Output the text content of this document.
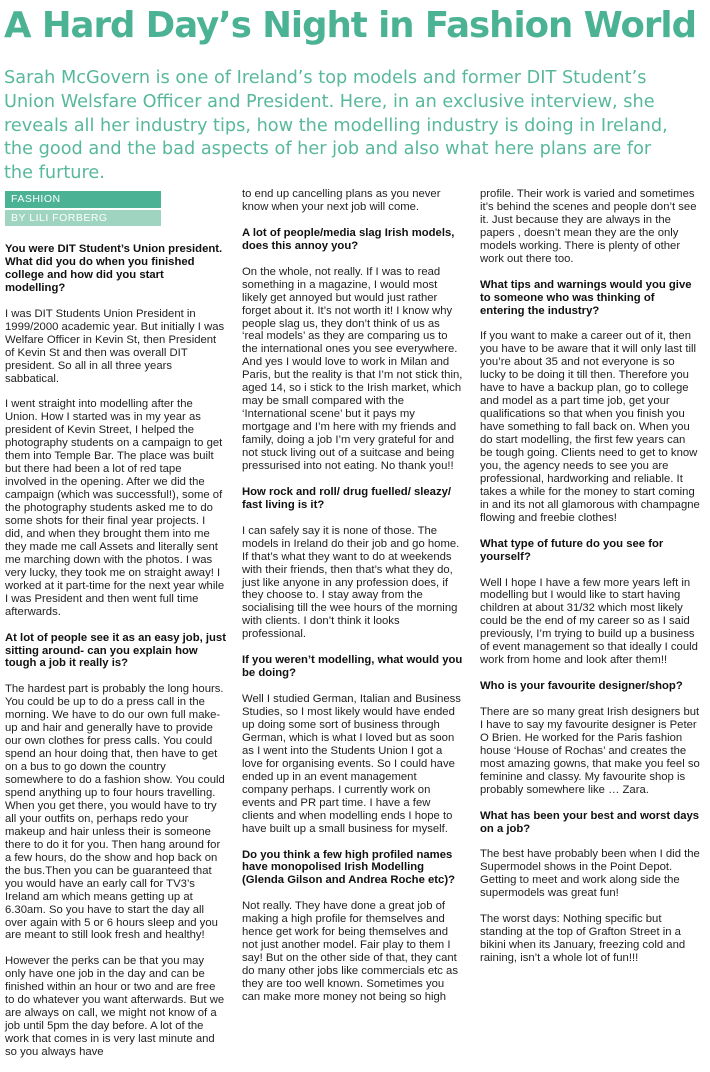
A Hard Day’s Night in Fashion World

Sarah McGovern is one of Ireland’s top models and former DIT Student’s Union Welsfare Officer and President. Here, in an exclusive interview, she reveals all her industry tips, how the modelling industry is doing in Ireland, the good and the bad aspects of her job and also what here plans are for the furture.

FASHION
BY LILI FORBERG

You were DIT Student’s Union president. What did you do when you finished college and how did you start modelling?

I was DIT Students Union President in 1999/2000 academic year. But initially I was Welfare Officer in Kevin St, then President of Kevin St and then was overall DIT president. So all in all three years sabbatical.

I went straight into modelling after the Union. How I started was in my year as president of Kevin Street, I helped the photography students on a campaign to get them into Temple Bar. The place was built but there had been a lot of red tape involved in the opening. After we did the campaign (which was successful!), some of the photography students asked me to do some shots for their final year projects. I did, and when they brought them into me they made me call Assets and literally sent me marching down with the photos. I was very lucky, they took me on straight away! I worked at it part-time for the next year while I was President and then went full time afterwards.

At lot of people see it as an easy job, just sitting around- can you explain how tough a job it really is?

The hardest part is probably the long hours. You could be up to do a press call in the morning. We have to do our own full make-up and hair and generally have to provide our own clothes for press calls. You could spend an hour doing that, then have to get on a bus to go down the country somewhere to do a fashion show. You could spend anything up to four hours travelling. When you get there, you would have to try all your outfits on, perhaps redo your makeup and hair unless their is someone there to do it for you. Then hang around for a few hours, do the show and hop back on the bus.Then you can be guaranteed that you would have an early call for TV3’s Ireland am which means getting up at 6.30am. So you have to start the day all over again with 5 or 6 hours sleep and you are meant to still look fresh and healthy!

However the perks can be that you may only have one job in the day and can be finished within an hour or two and are free to do whatever you want afterwards. But we are always on call, we might not know of a job until 5pm the day before. A lot of the work that comes in is very last minute and so you always have

to end up cancelling plans as you never know when your next job will come.

A lot of people/media slag Irish models, does this annoy you?

On the whole, not really. If I was to read something in a magazine, I would most likely get annoyed but would just rather forget about it. It’s not worth it! I know why people slag us, they don’t think of us as ‘real models’ as they are comparing us to the international ones you see everywhere. And yes I would love to work in Milan and Paris, but the reality is that I’m not stick thin, aged 14, so i stick to the Irish market, which may be small compared with the ‘International scene’ but it pays my mortgage and I’m here with my friends and family, doing a job I’m very grateful for and not stuck living out of a suitcase and being pressurised into not eating. No thank you!!

How rock and roll/ drug fuelled/ sleazy/ fast living is it?

I can safely say it is none of those. The models in Ireland do their job and go home. If that’s what they want to do at weekends with their friends, then that’s what they do, just like anyone in any profession does, if they choose to. I stay away from the socialising till the wee hours of the morning with clients. I don’t think it looks professional.

If you weren’t modelling, what would you be doing?

Well I studied German, Italian and Business Studies, so I most likely would have ended up doing some sort of business through German, which is what I loved but as soon as I went into the Students Union I got a love for organising events. So I could have ended up in an event management company perhaps. I currently work on events and PR part time. I have a few clients and when modelling ends I hope to have built up a small business for myself.

Do you think a few high profiled names have monopolised Irish Modelling (Glenda Gilson and Andrea Roche etc)?

Not really. They have done a great job of making a high profile for themselves and hence get work for being themselves and not just another model. Fair play to them I say! But on the other side of that, they cant do many other jobs like commercials etc as they are too well known. Sometimes you can make more money not being so high

profile. Their work is varied and sometimes it’s behind the scenes and people don’t see it. Just because they are always in the papers , doesn’t mean they are the only models working. There is plenty of other work out there too.

What tips and warnings would you give to someone who was thinking of entering the industry?

If you want to make a career out of it, then you have to be aware that it will only last till you’re about 35 and not everyone is so lucky to be doing it till then. Therefore you have to have a backup plan, go to college and model as a part time job, get your qualifications so that when you finish you have something to fall back on. When you do start modelling, the first few years can be tough going. Clients need to get to know you, the agency needs to see you are professional, hardworking and reliable. It takes a while for the money to start coming in and its not all glamorous with champagne flowing and freebie clothes!

What type of future do you see for yourself?

Well I hope I have a few more years left in modelling but I would like to start having children at about 31/32 which most likely could be the end of my career so as I said previously, I’m trying to build up a business of event management so that ideally I could work from home and look after them!!

Who is your favourite designer/shop?

There are so many great Irish designers but I have to say my favourite designer is Peter O Brien. He worked for the Paris fashion house ‘House of Rochas’ and creates the most amazing gowns, that make you feel so feminine and classy. My favourite shop is probably somewhere like … Zara.

What has been your best and worst days on a job?

The best have probably been when I did the Supermodel shows in the Point Depot. Getting to meet and work along side the supermodels was great fun!

The worst days: Nothing specific but standing at the top of Grafton Street in a bikini when its January, freezing cold and raining, isn’t a whole lot of fun!!!
